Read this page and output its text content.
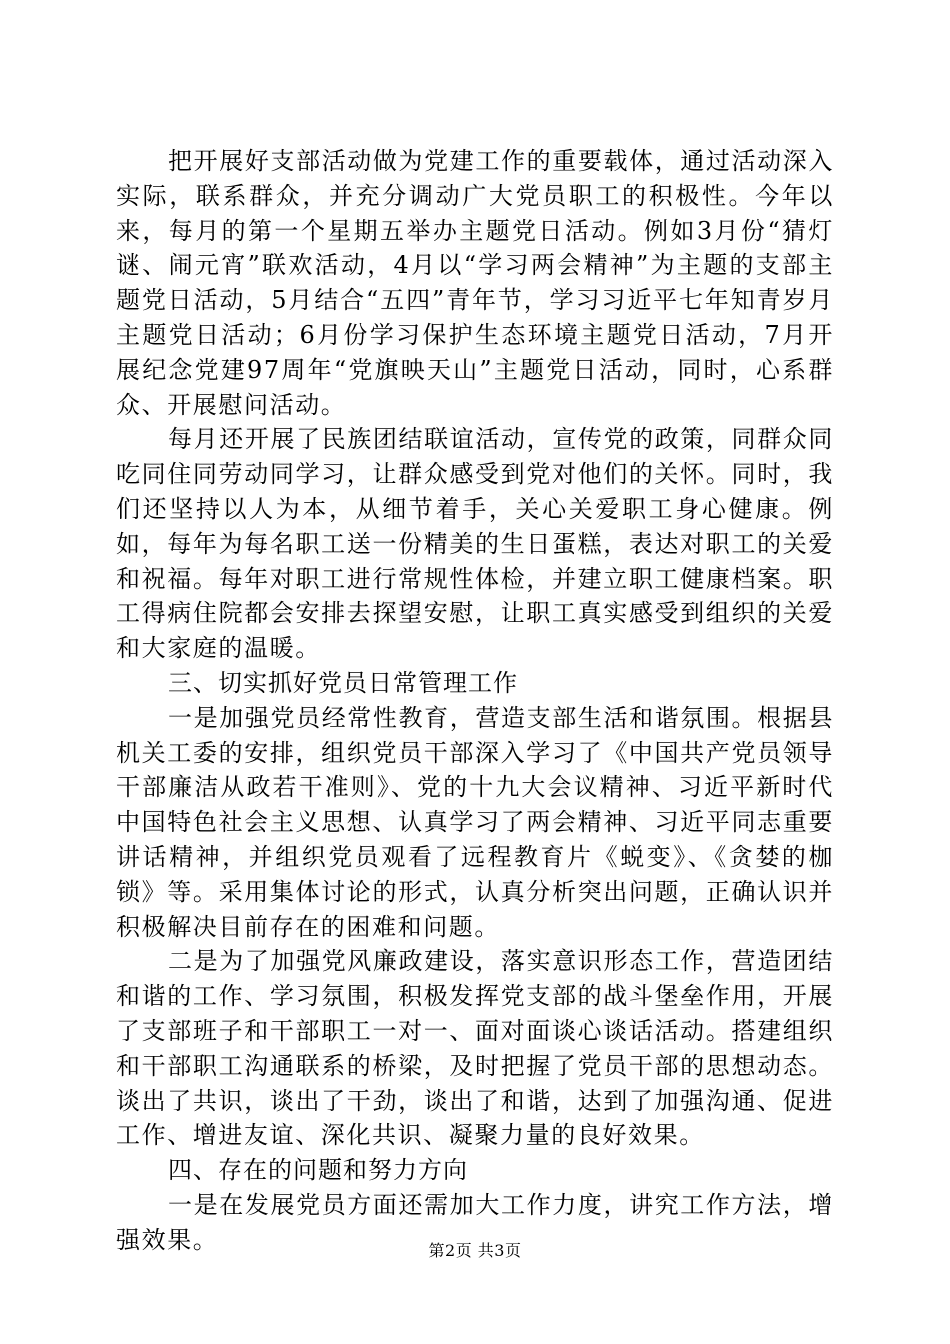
把开展好支部活动做为党建工作的重要载体，通过活动深入实际，联系群众，并充分调动广大党员职工的积极性。今年以来，每月的第一个星期五举办主题党日活动。例如3月份“猜灯谜、闹元宵”联欢活动，4月以“学习两会精神”为主题的支部主题党日活动，5月结合“五四”青年节，学习习近平七年知青岁月主题党日活动；6月份学习保护生态环境主题党日活动，7月开展纪念党建97周年“党旗映天山”主题党日活动，同时，心系群众、开展慰问活动。

每月还开展了民族团结联谊活动，宣传党的政策，同群众同吃同住同劳动同学习，让群众感受到党对他们的关怀。同时，我们还坚持以人为本，从细节着手，关心关爱职工身心健康。例如，每年为每名职工送一份精美的生日蛋糕，表达对职工的关爱和祝福。每年对职工进行常规性体检，并建立职工健康档案。职工得病住院都会安排去探望安慰，让职工真实感受到组织的关爱和大家庭的温暖。

三、切实抓好党员日常管理工作

一是加强党员经常性教育，营造支部生活和谐氛围。根据县机关工委的安排，组织党员干部深入学习了《中国共产党员领导干部廉洁从政若干准则》、党的十九大会议精神、习近平新时代中国特色社会主义思想、认真学习了两会精神、习近平同志重要讲话精神，并组织党员观看了远程教育片《蜕变》、《贪婪的枷锁》等。采用集体讨论的形式，认真分析突出问题，正确认识并积极解决目前存在的困难和问题。

二是为了加强党风廉政建设，落实意识形态工作，营造团结和谐的工作、学习氛围，积极发挥党支部的战斗堡垒作用，开展了支部班子和干部职工一对一、面对面谈心谈话活动。搭建组织和干部职工沟通联系的桥梁，及时把握了党员干部的思想动态。谈出了共识，谈出了干劲，谈出了和谐，达到了加强沟通、促进工作、增进友谊、深化共识、凝聚力量的良好效果。

四、存在的问题和努力方向

一是在发展党员方面还需加大工作力度，讲究工作方法，增强效果。	第2页 共3页
